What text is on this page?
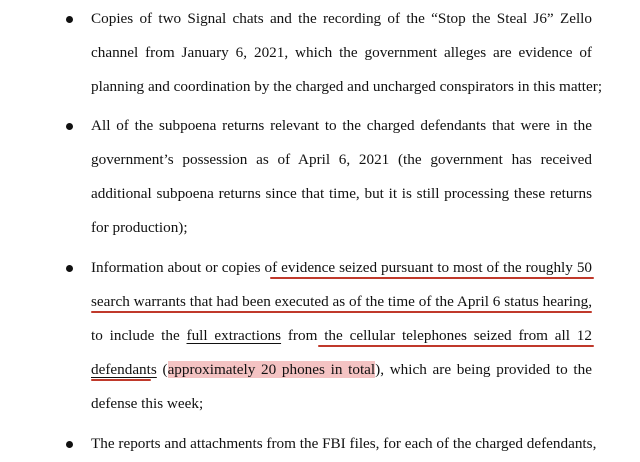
Copies of two Signal chats and the recording of the “Stop the Steal J6” Zello
channel from January 6, 2021, which the government alleges are evidence of
planning and coordination by the charged and uncharged conspirators in this matter;
All of the subpoena returns relevant to the charged defendants that were in the
government’s possession as of April 6, 2021 (the government has received
additional subpoena returns since that time, but it is still processing these returns
for production);
Information about or copies of evidence seized pursuant to most of the roughly 50
search warrants that had been executed as of the time of the April 6 status hearing,
to include the full extractions from the cellular telephones seized from all 12
defendants (approximately 20 phones in total), which are being provided to the
defense this week;
The reports and attachments from the FBI files, for each of the charged defendants,
